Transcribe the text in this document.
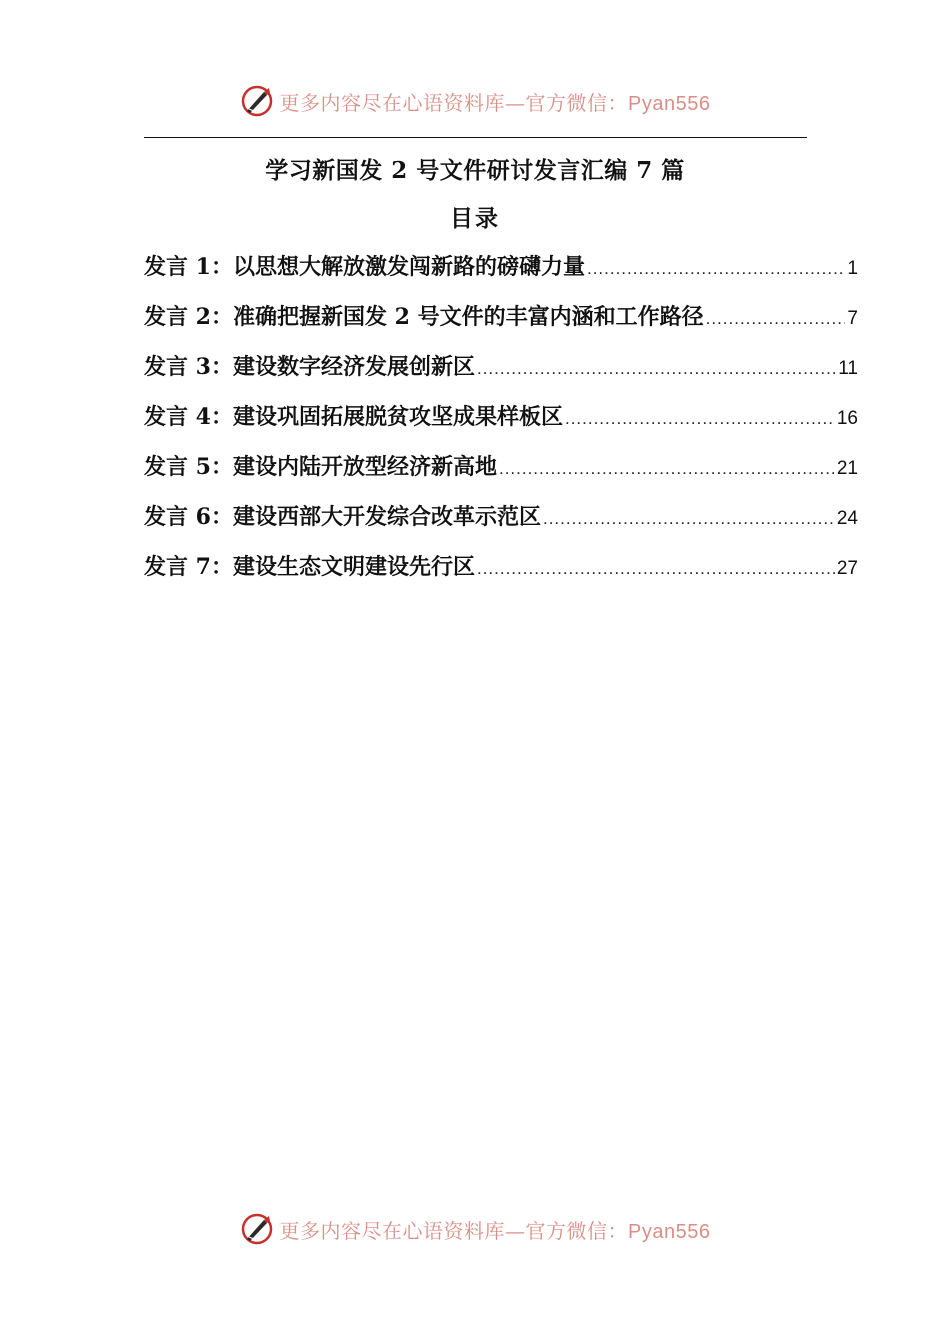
更多内容尽在心语资料库—官方微信：Pyan556
学习新国发 2 号文件研讨发言汇编 7 篇
目录
发言 1：以思想大解放激发闯新路的磅礴力量 .....	1
发言 2：准确把握新国发 2 号文件的丰富内涵和工作路径 .....	7
发言 3：建设数字经济发展创新区 .....	11
发言 4：建设巩固拓展脱贫攻坚成果样板区 .....	16
发言 5：建设内陆开放型经济新高地 .....	21
发言 6：建设西部大开发综合改革示范区 .....	24
发言 7：建设生态文明建设先行区 .....	27
更多内容尽在心语资料库—官方微信：Pyan556
